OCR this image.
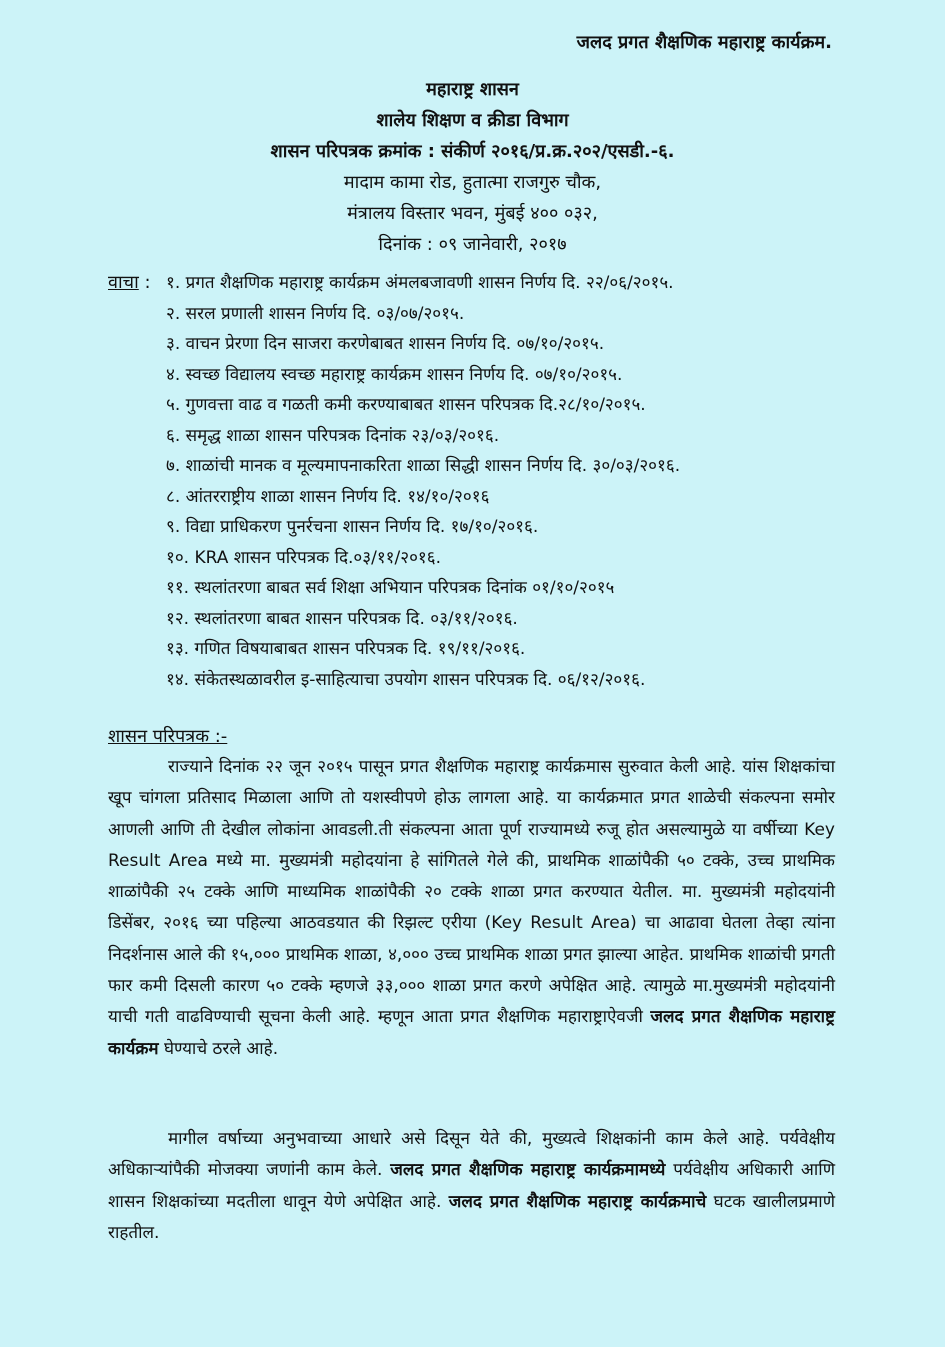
जलद प्रगत शैक्षणिक महाराष्ट्र कार्यक्रम.
महाराष्ट्र शासन
शालेय शिक्षण व क्रीडा विभाग
शासन परिपत्रक क्रमांक : संकीर्ण २०१६/प्र.क्र.२०२/एसडी.-६.
मादाम कामा रोड, हुतात्मा राजगुरु चौक,
मंत्रालय विस्तार भवन, मुंबई ४०० ०३२,
दिनांक : ०९ जानेवारी, २०१७
वाचा : १. प्रगत शैक्षणिक महाराष्ट्र कार्यक्रम अंमलबजावणी शासन निर्णय दि. २२/०६/२०१५.
२. सरल प्रणाली शासन निर्णय दि. ०३/०७/२०१५.
३. वाचन प्रेरणा दिन साजरा करणेबाबत शासन निर्णय दि. ०७/१०/२०१५.
४. स्वच्छ विद्यालय स्वच्छ महाराष्ट्र कार्यक्रम शासन निर्णय दि. ०७/१०/२०१५.
५. गुणवत्ता वाढ व गळती कमी करण्याबाबत शासन परिपत्रक दि.२८/१०/२०१५.
६. समृद्ध शाळा शासन परिपत्रक दिनांक २३/०३/२०१६.
७. शाळांची मानक व मूल्यमापनाकरिता शाळा सिद्धी शासन निर्णय दि. ३०/०३/२०१६.
८. आंतरराष्ट्रीय शाळा शासन निर्णय दि. १४/१०/२०१६
९. विद्या प्राधिकरण पुनर्रचना शासन निर्णय दि. १७/१०/२०१६.
१०. KRA शासन परिपत्रक दि.०३/११/२०१६.
११. स्थलांतरणा बाबत सर्व शिक्षा अभियान परिपत्रक दिनांक ०१/१०/२०१५
१२. स्थलांतरणा बाबत शासन परिपत्रक दि. ०३/११/२०१६.
१३. गणित विषयाबाबत शासन परिपत्रक दि. १९/११/२०१६.
१४. संकेतस्थळावरील इ-साहित्याचा उपयोग शासन परिपत्रक दि. ०६/१२/२०१६.
शासन परिपत्रक :-

राज्याने दिनांक २२ जून २०१५ पासून प्रगत शैक्षणिक महाराष्ट्र कार्यक्रमास सुरुवात केली आहे. यांस शिक्षकांचा खूप चांगला प्रतिसाद मिळाला आणि तो यशस्वीपणे होऊ लागला आहे. या कार्यक्रमात प्रगत शाळेची संकल्पना समोर आणली आणि ती देखील लोकांना आवडली.ती संकल्पना आता पूर्ण राज्यामध्ये रुजू होत असल्यामुळे या वर्षीच्या Key Result Area मध्ये मा. मुख्यमंत्री महोदयांना हे सांगितले गेले की, प्राथमिक शाळांपैकी ५० टक्के, उच्च प्राथमिक शाळांपैकी २५ टक्के आणि माध्यमिक शाळांपैकी २० टक्के शाळा प्रगत करण्यात येतील. मा. मुख्यमंत्री महोदयांनी डिसेंबर, २०१६ च्या पहिल्या आठवडयात की रिझल्ट एरीया (Key Result Area) चा आढावा घेतला तेव्हा त्यांना निदर्शनास आले की १५,००० प्राथमिक शाळा, ४,००० उच्च प्राथमिक शाळा प्रगत झाल्या आहेत. प्राथमिक शाळांची प्रगती फार कमी दिसली कारण ५० टक्के म्हणजे ३३,००० शाळा प्रगत करणे अपेक्षित आहे. त्यामुळे मा.मुख्यमंत्री महोदयांनी याची गती वाढविण्याची सूचना केली आहे. म्हणून आता प्रगत शैक्षणिक महाराष्ट्राऐवजी जलद प्रगत शैक्षणिक महाराष्ट्र कार्यक्रम घेण्याचे ठरले आहे.

मागील वर्षाच्या अनुभवाच्या आधारे असे दिसून येते की, मुख्यत्वे शिक्षकांनी काम केले आहे. पर्यवेक्षीय अधिकाऱ्यांपैकी मोजक्या जणांनी काम केले. जलद प्रगत शैक्षणिक महाराष्ट्र कार्यक्रमामध्ये पर्यवेक्षीय अधिकारी आणि शासन शिक्षकांच्या मदतीला धावून येणे अपेक्षित आहे. जलद प्रगत शैक्षणिक महाराष्ट्र कार्यक्रमाचे घटक खालीलप्रमाणे राहतील.
